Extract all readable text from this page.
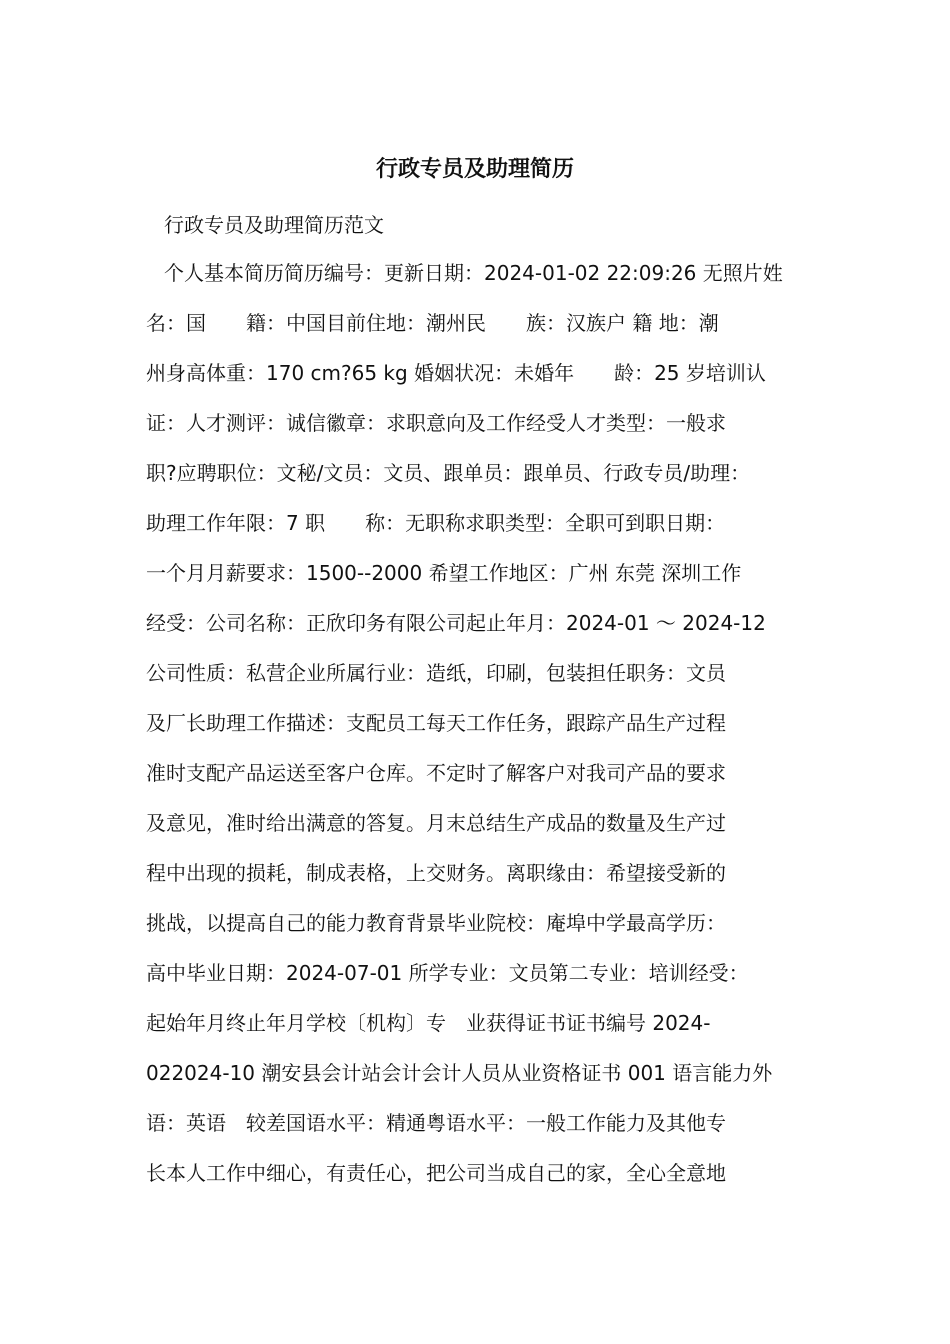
行政专员及助理简历

行政专员及助理简历范文

个人基本简历简历编号：更新日期：2024-01-02 22:09:26 无照片姓
名：国　　籍：中国目前住地：潮州民　　族：汉族户 籍 地：潮
州身高体重：170 cm?65 kg 婚姻状况：未婚年　　龄：25 岁培训认
证：人才测评：诚信徽章：求职意向及工作经受人才类型：一般求
职?应聘职位：文秘/文员：文员、跟单员：跟单员、行政专员/助理：
助理工作年限：7 职　　称：无职称求职类型：全职可到职日期：
一个月月薪要求：1500--2000 希望工作地区：广州 东莞 深圳工作
经受：公司名称：正欣印务有限公司起止年月：2024-01 ～ 2024-12
公司性质：私营企业所属行业：造纸，印刷，包装担任职务：文员
及厂长助理工作描述：支配员工每天工作任务，跟踪产品生产过程
准时支配产品运送至客户仓库。不定时了解客户对我司产品的要求
及意见，准时给出满意的答复。月末总结生产成品的数量及生产过
程中出现的损耗，制成表格，上交财务。离职缘由：希望接受新的
挑战，以提高自己的能力教育背景毕业院校：庵埠中学最高学历：
高中毕业日期：2024-07-01 所学专业：文员第二专业：培训经受：
起始年月终止年月学校〔机构〕专　业获得证书证书编号 2024-
022024-10 潮安县会计站会计会计人员从业资格证书 001 语言能力外
语：英语　较差国语水平：精通粤语水平：一般工作能力及其他专
长本人工作中细心，有责任心，把公司当成自己的家，全心全意地
